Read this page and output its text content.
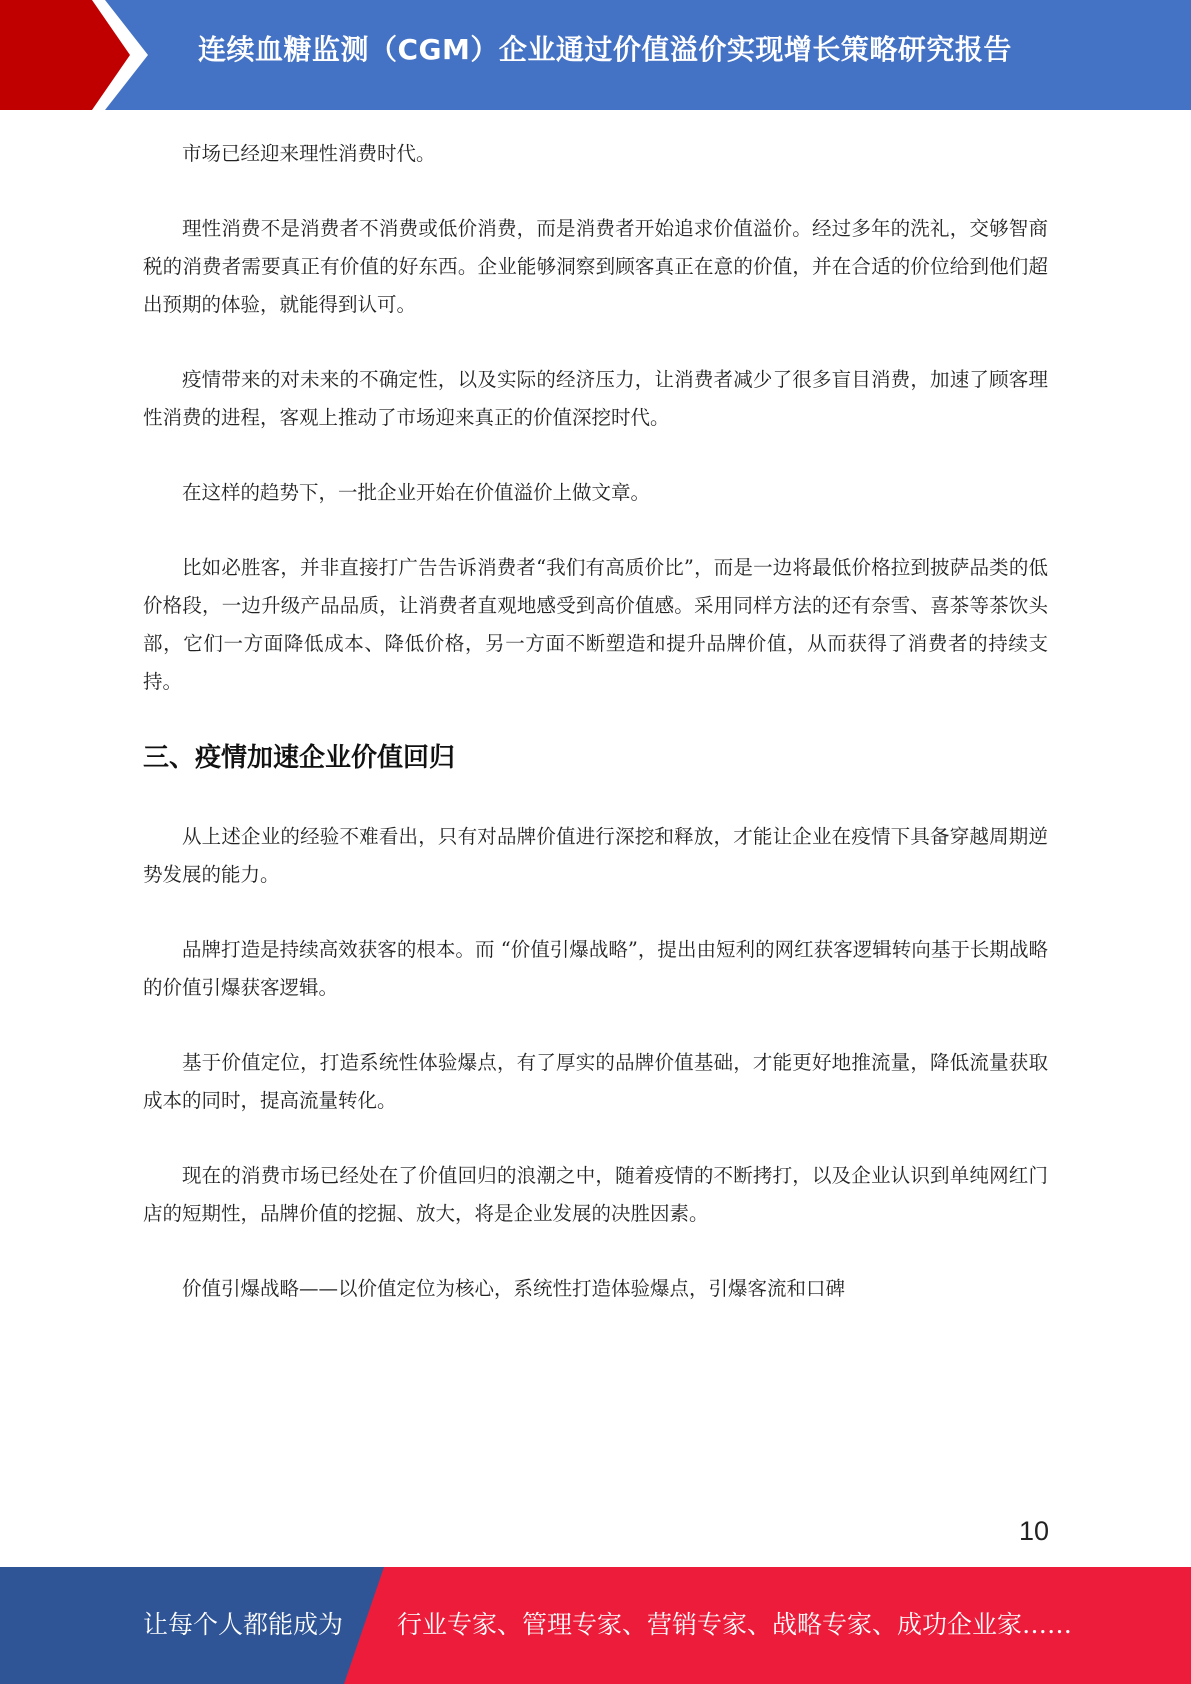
连续血糖监测（CGM）企业通过价值溢价实现增长策略研究报告

市场已经迎来理性消费时代。

理性消费不是消费者不消费或低价消费，而是消费者开始追求价值溢价。经过多年的洗礼，交够智商税的消费者需要真正有价值的好东西。企业能够洞察到顾客真正在意的价值，并在合适的价位给到他们超出预期的体验，就能得到认可。

疫情带来的对未来的不确定性，以及实际的经济压力，让消费者减少了很多盲目消费，加速了顾客理性消费的进程，客观上推动了市场迎来真正的价值深挖时代。

在这样的趋势下，一批企业开始在价值溢价上做文章。

比如必胜客，并非直接打广告告诉消费者“我们有高质价比”，而是一边将最低价格拉到披萨品类的低价格段，一边升级产品品质，让消费者直观地感受到高价值感。采用同样方法的还有奈雪、喜茶等茶饮头部，它们一方面降低成本、降低价格，另一方面不断塑造和提升品牌价值，从而获得了消费者的持续支持。

三、疫情加速企业价值回归

从上述企业的经验不难看出，只有对品牌价值进行深挖和释放，才能让企业在疫情下具备穿越周期逆势发展的能力。

品牌打造是持续高效获客的根本。而 “价值引爆战略”，提出由短利的网红获客逻辑转向基于长期战略的价值引爆获客逻辑。

基于价值定位，打造系统性体验爆点，有了厚实的品牌价值基础，才能更好地推流量，降低流量获取成本的同时，提高流量转化。

现在的消费市场已经处在了价值回归的浪潮之中，随着疫情的不断拷打，以及企业认识到单纯网红门店的短期性，品牌价值的挖掘、放大，将是企业发展的决胜因素。

价值引爆战略——以价值定位为核心，系统性打造体验爆点，引爆客流和口碑

10
让每个人都能成为 行业专家、管理专家、营销专家、战略专家、成功企业家……
